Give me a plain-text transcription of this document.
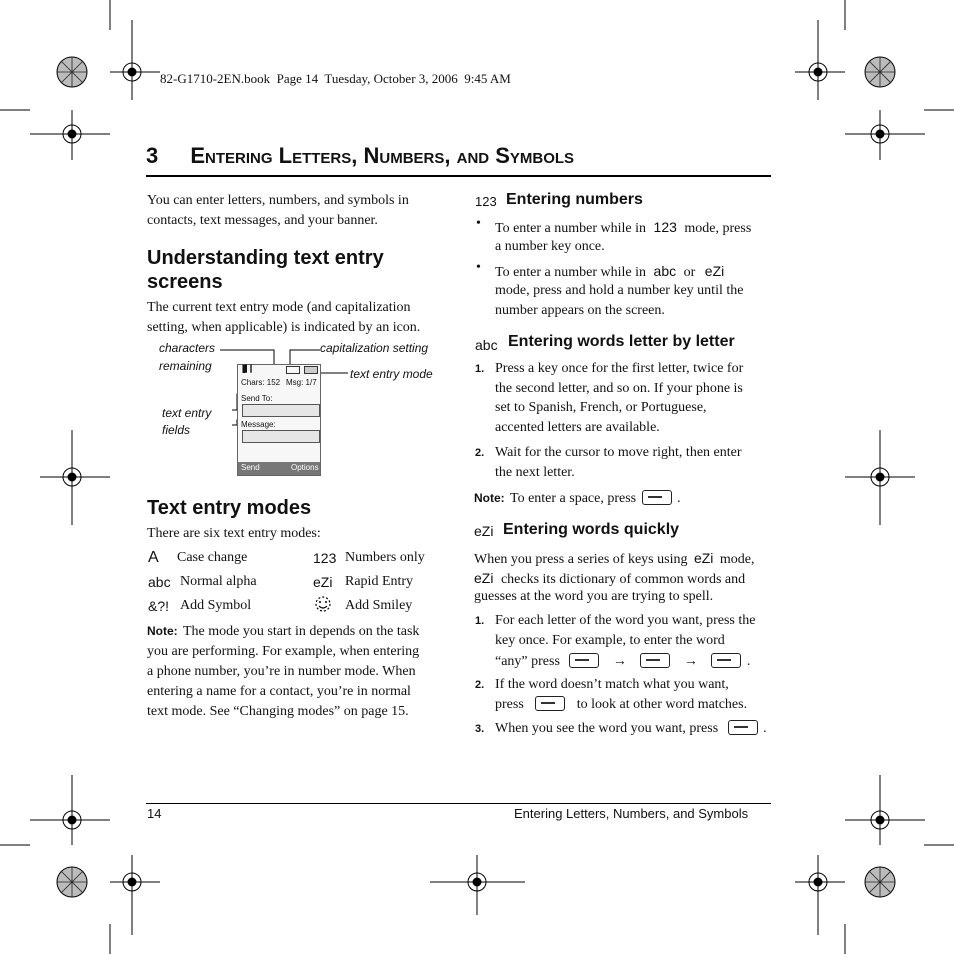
82-G1710-2EN.book  Page 14  Tuesday, October 3, 2006  9:45 AM
3 Entering Letters, Numbers, and Symbols
You can enter letters, numbers, and symbols in
contacts, text messages, and your banner.
Understanding text entry
screens
The current text entry mode (and capitalization
setting, when applicable) is indicated by an icon.
characters
remaining
capitalization setting
text entry mode
text entry
fields
▐▍▎
Chars: 152 Msg: 1/7
Send To:
Message:
Send	Options
Text entry modes
There are six text entry modes:
A Case change	123 Numbers only
abc Normal alpha	eZi Rapid Entry
&?! Add Symbol	Add Smiley
Note: The mode you start in depends on the task
you are performing. For example, when entering
a phone number, you’re in number mode. When
entering a name for a contact, you’re in normal
text mode. See “Changing modes” on page 15.
123 Entering numbers
• To enter a number while in 123 mode, press
a number key once.
• To enter a number while in abc or eZi
mode, press and hold a number key until the
number appears on the screen.
abc Entering words letter by letter
1. Press a key once for the first letter, twice for
the second letter, and so on. If your phone is
set to Spanish, French, or Portuguese,
accented letters are available.
2. Wait for the cursor to move right, then enter
the next letter.
Note: To enter a space, press	.
eZi Entering words quickly
When you press a series of keys using eZi mode,
eZi checks its dictionary of common words and
guesses at the word you are trying to spell.
1. For each letter of the word you want, press the
key once. For example, to enter the word
“any” press	→	→	.
2. If the word doesn’t match what you want,
press	to look at other word matches.
3. When you see the word you want, press	.
14	Entering Letters, Numbers, and Symbols
